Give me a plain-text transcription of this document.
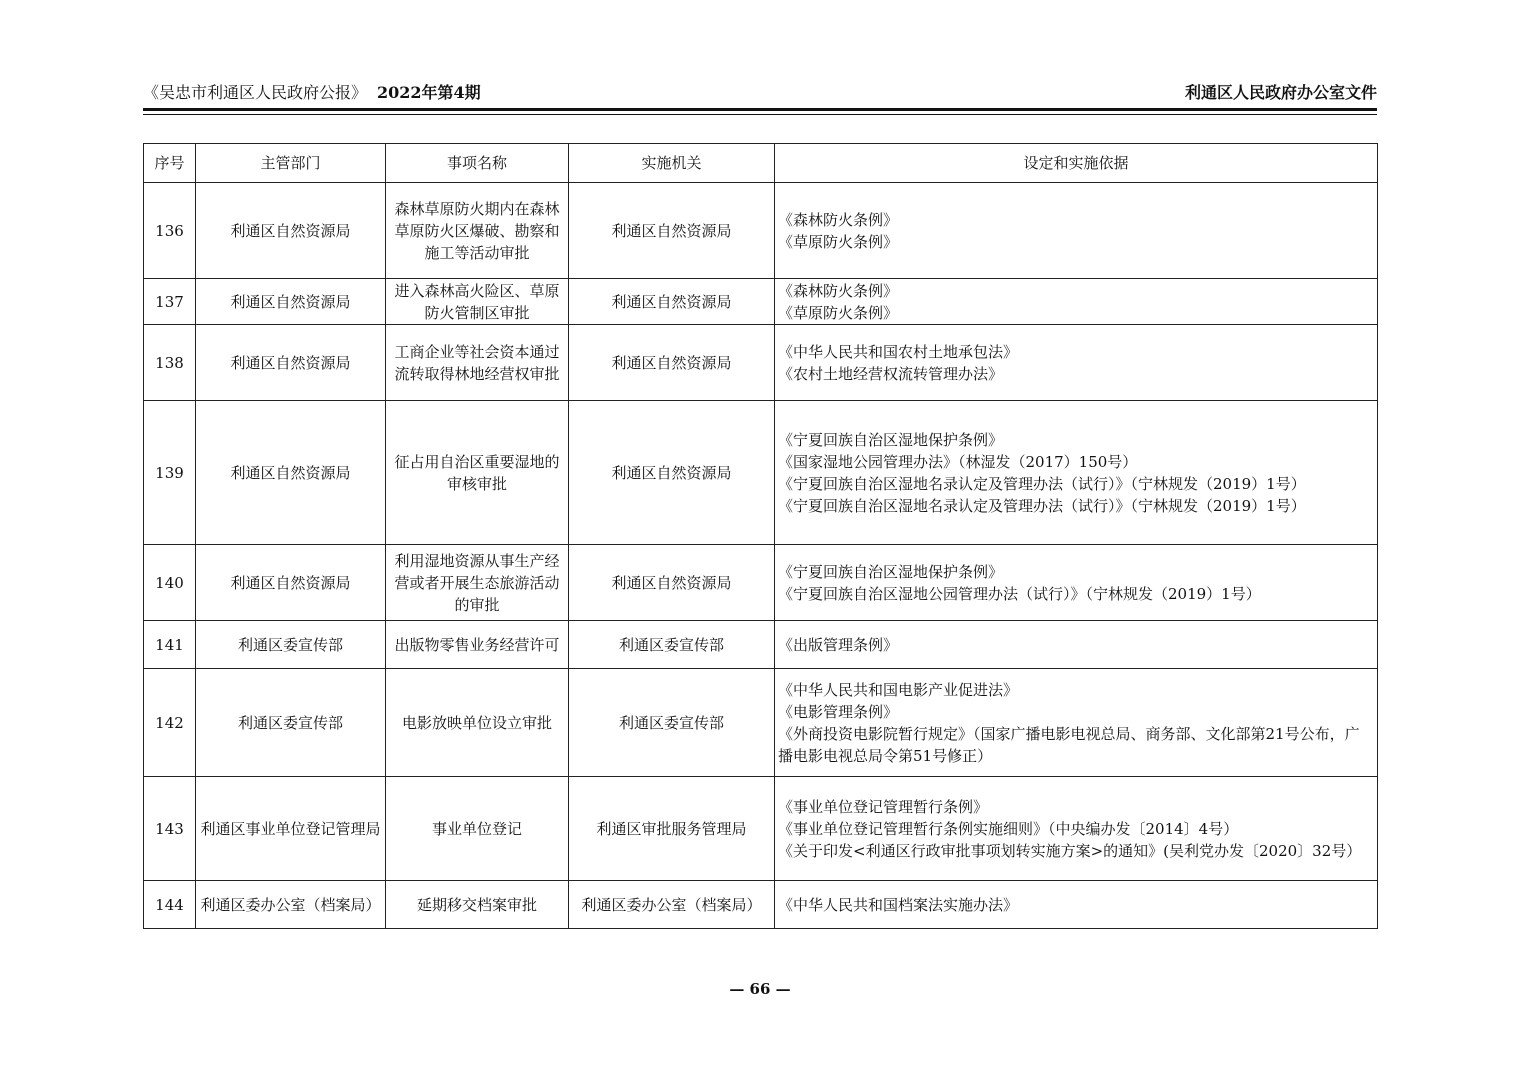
《吴忠市利通区人民政府公报》 2022年第4期	利通区人民政府办公室文件
序号	主管部门	事项名称	实施机关	设定和实施依据
136	利通区自然资源局	森林草原防火期内在森林草原防火区爆破、勘察和施工等活动审批	利通区自然资源局	《森林防火条例》
《草原防火条例》

137	利通区自然资源局	进入森林高火险区、草原防火管制区审批	利通区自然资源局	《森林防火条例》
《草原防火条例》

138	利通区自然资源局	工商企业等社会资本通过流转取得林地经营权审批	利通区自然资源局	《中华人民共和国农村土地承包法》
《农村土地经营权流转管理办法》

139	利通区自然资源局	征占用自治区重要湿地的审核审批	利通区自然资源局	《宁夏回族自治区湿地保护条例》
《国家湿地公园管理办法》（林湿发（2017）150号）
《宁夏回族自治区湿地名录认定及管理办法（试行）》（宁林规发（2019）1号）
《宁夏回族自治区湿地名录认定及管理办法（试行）》（宁林规发（2019）1号）

140	利通区自然资源局	利用湿地资源从事生产经营或者开展生态旅游活动的审批	利通区自然资源局	《宁夏回族自治区湿地保护条例》
《宁夏回族自治区湿地公园管理办法（试行）》（宁林规发（2019）1号）

141	利通区委宣传部	出版物零售业务经营许可	利通区委宣传部	《出版管理条例》

142	利通区委宣传部	电影放映单位设立审批	利通区委宣传部	《中华人民共和国电影产业促进法》
《电影管理条例》
《外商投资电影院暂行规定》（国家广播电影电视总局、商务部、文化部第21号公布，广播电影电视总局令第51号修正）

143	利通区事业单位登记管理局	事业单位登记	利通区审批服务管理局	《事业单位登记管理暂行条例》
《事业单位登记管理暂行条例实施细则》（中央编办发〔2014〕4号）
《关于印发<利通区行政审批事项划转实施方案>的通知》(吴利党办发〔2020〕32号）

144	利通区委办公室（档案局）	延期移交档案审批	利通区委办公室（档案局）	《中华人民共和国档案法实施办法》
— 66 —
